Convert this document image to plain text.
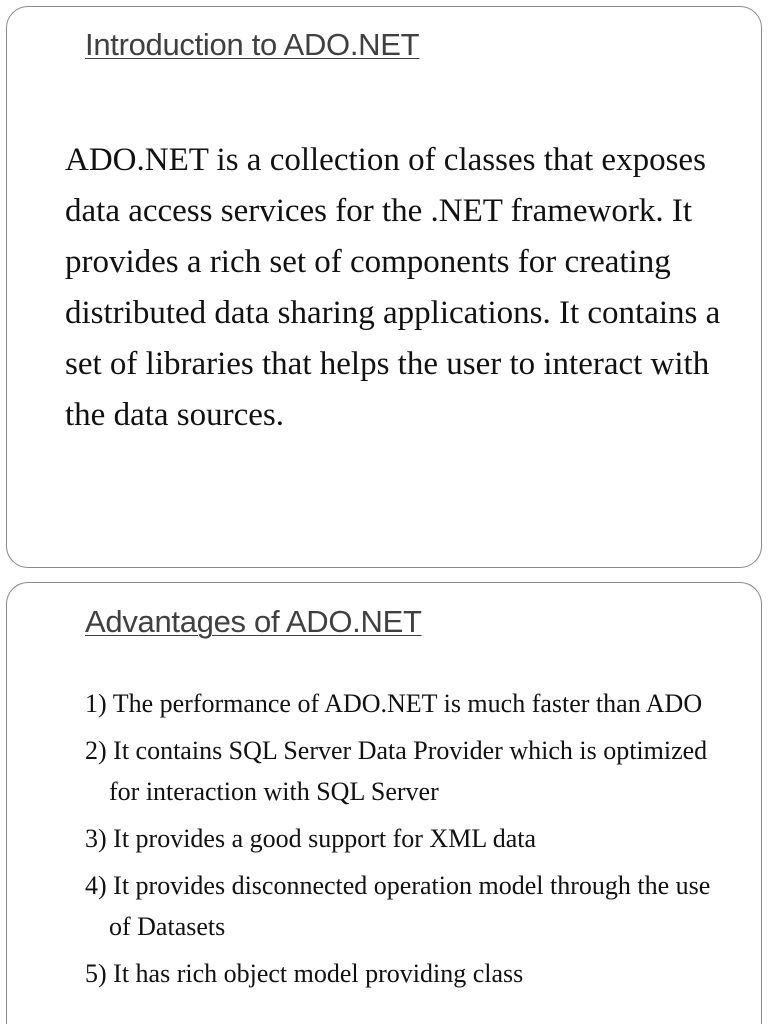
Introduction to ADO.NET

ADO.NET is a collection of classes that exposes data access services for the .NET framework. It provides a rich set of components for creating distributed data sharing applications. It contains a set of libraries that helps the user to interact with the data sources.

Advantages of ADO.NET
1) The performance of ADO.NET is much faster than ADO
2) It contains SQL Server Data Provider which is optimized for interaction with SQL Server
3) It provides a good support for XML data
4) It provides disconnected operation model through the use of Datasets
5) It has rich object model providing class
